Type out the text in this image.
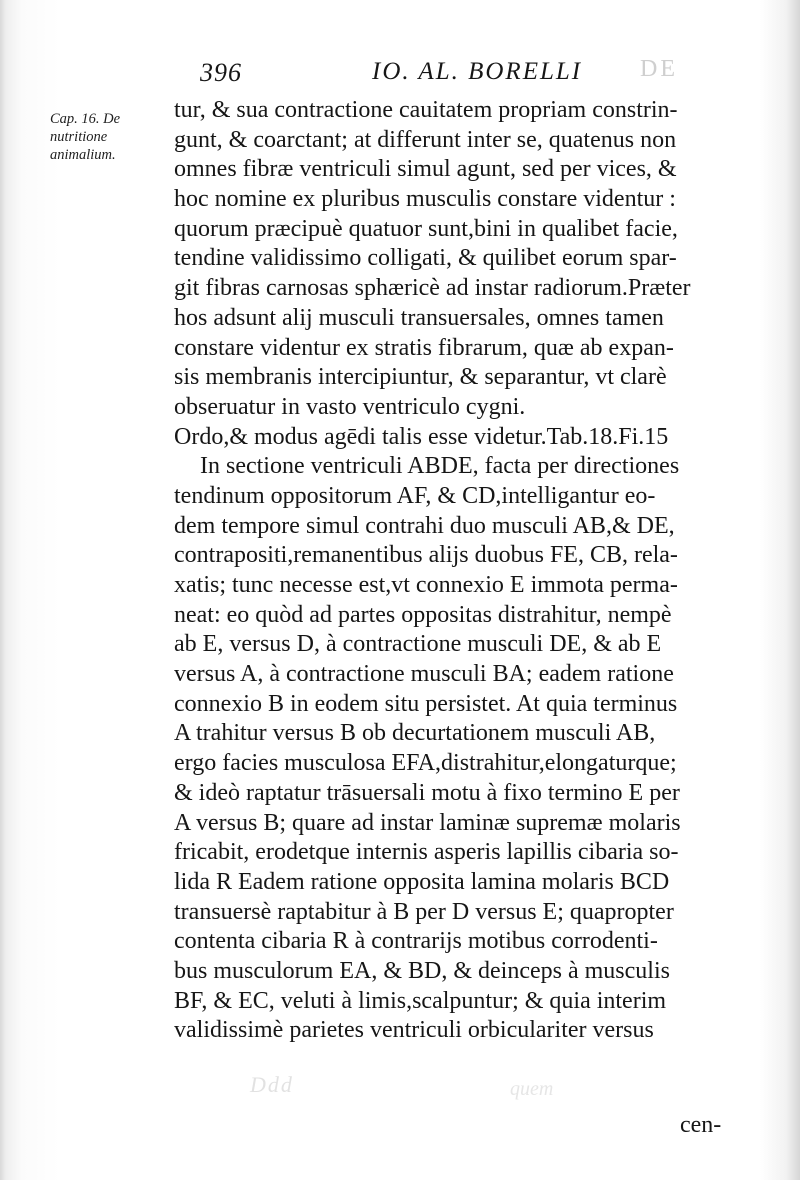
396	IO. AL. BORELLI DE
Cap. 16. De
nutritione
animalium.
tur, & sua contractione cauitatem propriam constrin-
gunt, & coarctant; at differunt inter se, quatenus non
omnes fibræ ventriculi simul agunt, sed per vices, &
hoc nomine ex pluribus musculis constare videntur :
quorum præcipuè quatuor sunt,bini in qualibet facie,
tendine validissimo colligati, & quilibet eorum spar-
git fibras carnosas sphæricè ad instar radiorum.Præter
hos adsunt alij musculi transuersales, omnes tamen
constare videntur ex stratis fibrarum, quæ ab expan-
sis membranis intercipiuntur, & separantur, vt clarè
obseruatur in vasto ventriculo cygni.
Ordo,& modus agēdi talis esse videtur.Tab.18.Fi.15
In sectione ventriculi ABDE, facta per directiones
tendinum oppositorum AF, & CD,intelligantur eo-
dem tempore simul contrahi duo musculi AB,& DE,
contrapositi,remanentibus alijs duobus FE, CB, rela-
xatis; tunc necesse est,vt connexio E immota perma-
neat: eo quòd ad partes oppositas distrahitur, nempè
ab E, versus D, à contractione musculi DE, & ab E
versus A, à contractione musculi BA; eadem ratione
connexio B in eodem situ persistet. At quia terminus
A trahitur versus B ob decurtationem musculi AB,
ergo facies musculosa EFA,distrahitur,elongaturque;
& ideò raptatur trāsuersali motu à fixo termino E per
A versus B; quare ad instar laminæ supremæ molaris
fricabit, erodetque internis asperis lapillis cibaria so-
lida R Eadem ratione opposita lamina molaris BCD
transuersè raptabitur à B per D versus E; quapropter
contenta cibaria R à contrarijs motibus corrodenti-
bus musculorum EA, & BD, & deinceps à musculis
BF, & EC, veluti à limis,scalpuntur; & quia interim
validissimè parietes ventriculi orbiculariter versus
Ddd	quem
cen-
